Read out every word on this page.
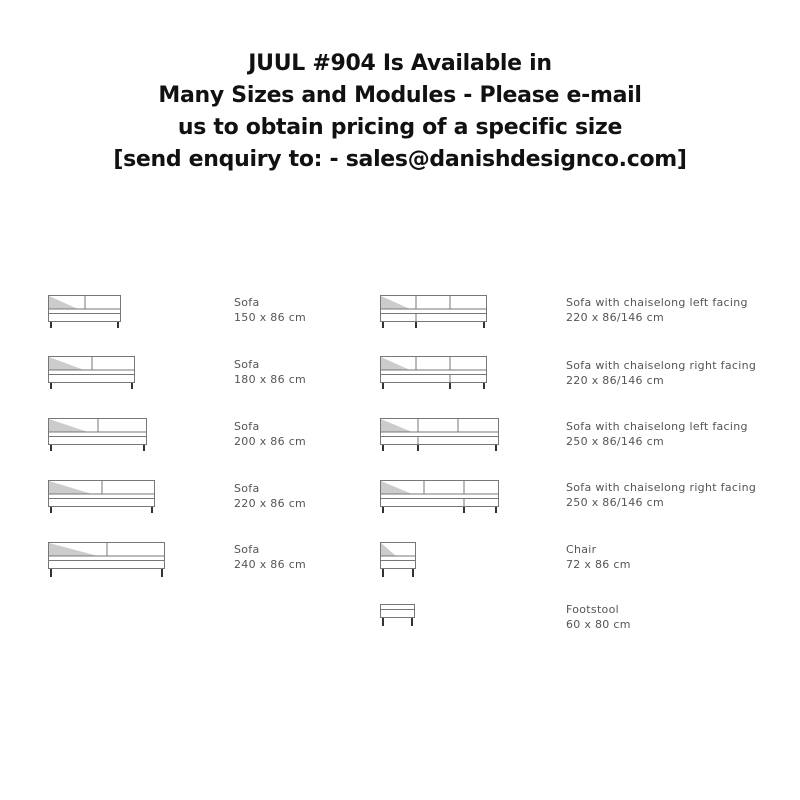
JUUL #904 Is Available in
Many Sizes and Modules - Please e-mail
us to obtain pricing of a specific size
[send enquiry to: - sales@danishdesignco.com]
Sofa
150 x 86 cm
Sofa
180 x 86 cm
Sofa
200 x 86 cm
Sofa
220 x 86 cm
Sofa
240 x 86 cm
Sofa with chaiselong left facing
220 x 86/146 cm
Sofa with chaiselong right facing
220 x 86/146 cm
Sofa with chaiselong left facing
250 x 86/146 cm
Sofa with chaiselong right facing
250 x 86/146 cm
Chair
72 x 86 cm
Footstool
60 x 80 cm
